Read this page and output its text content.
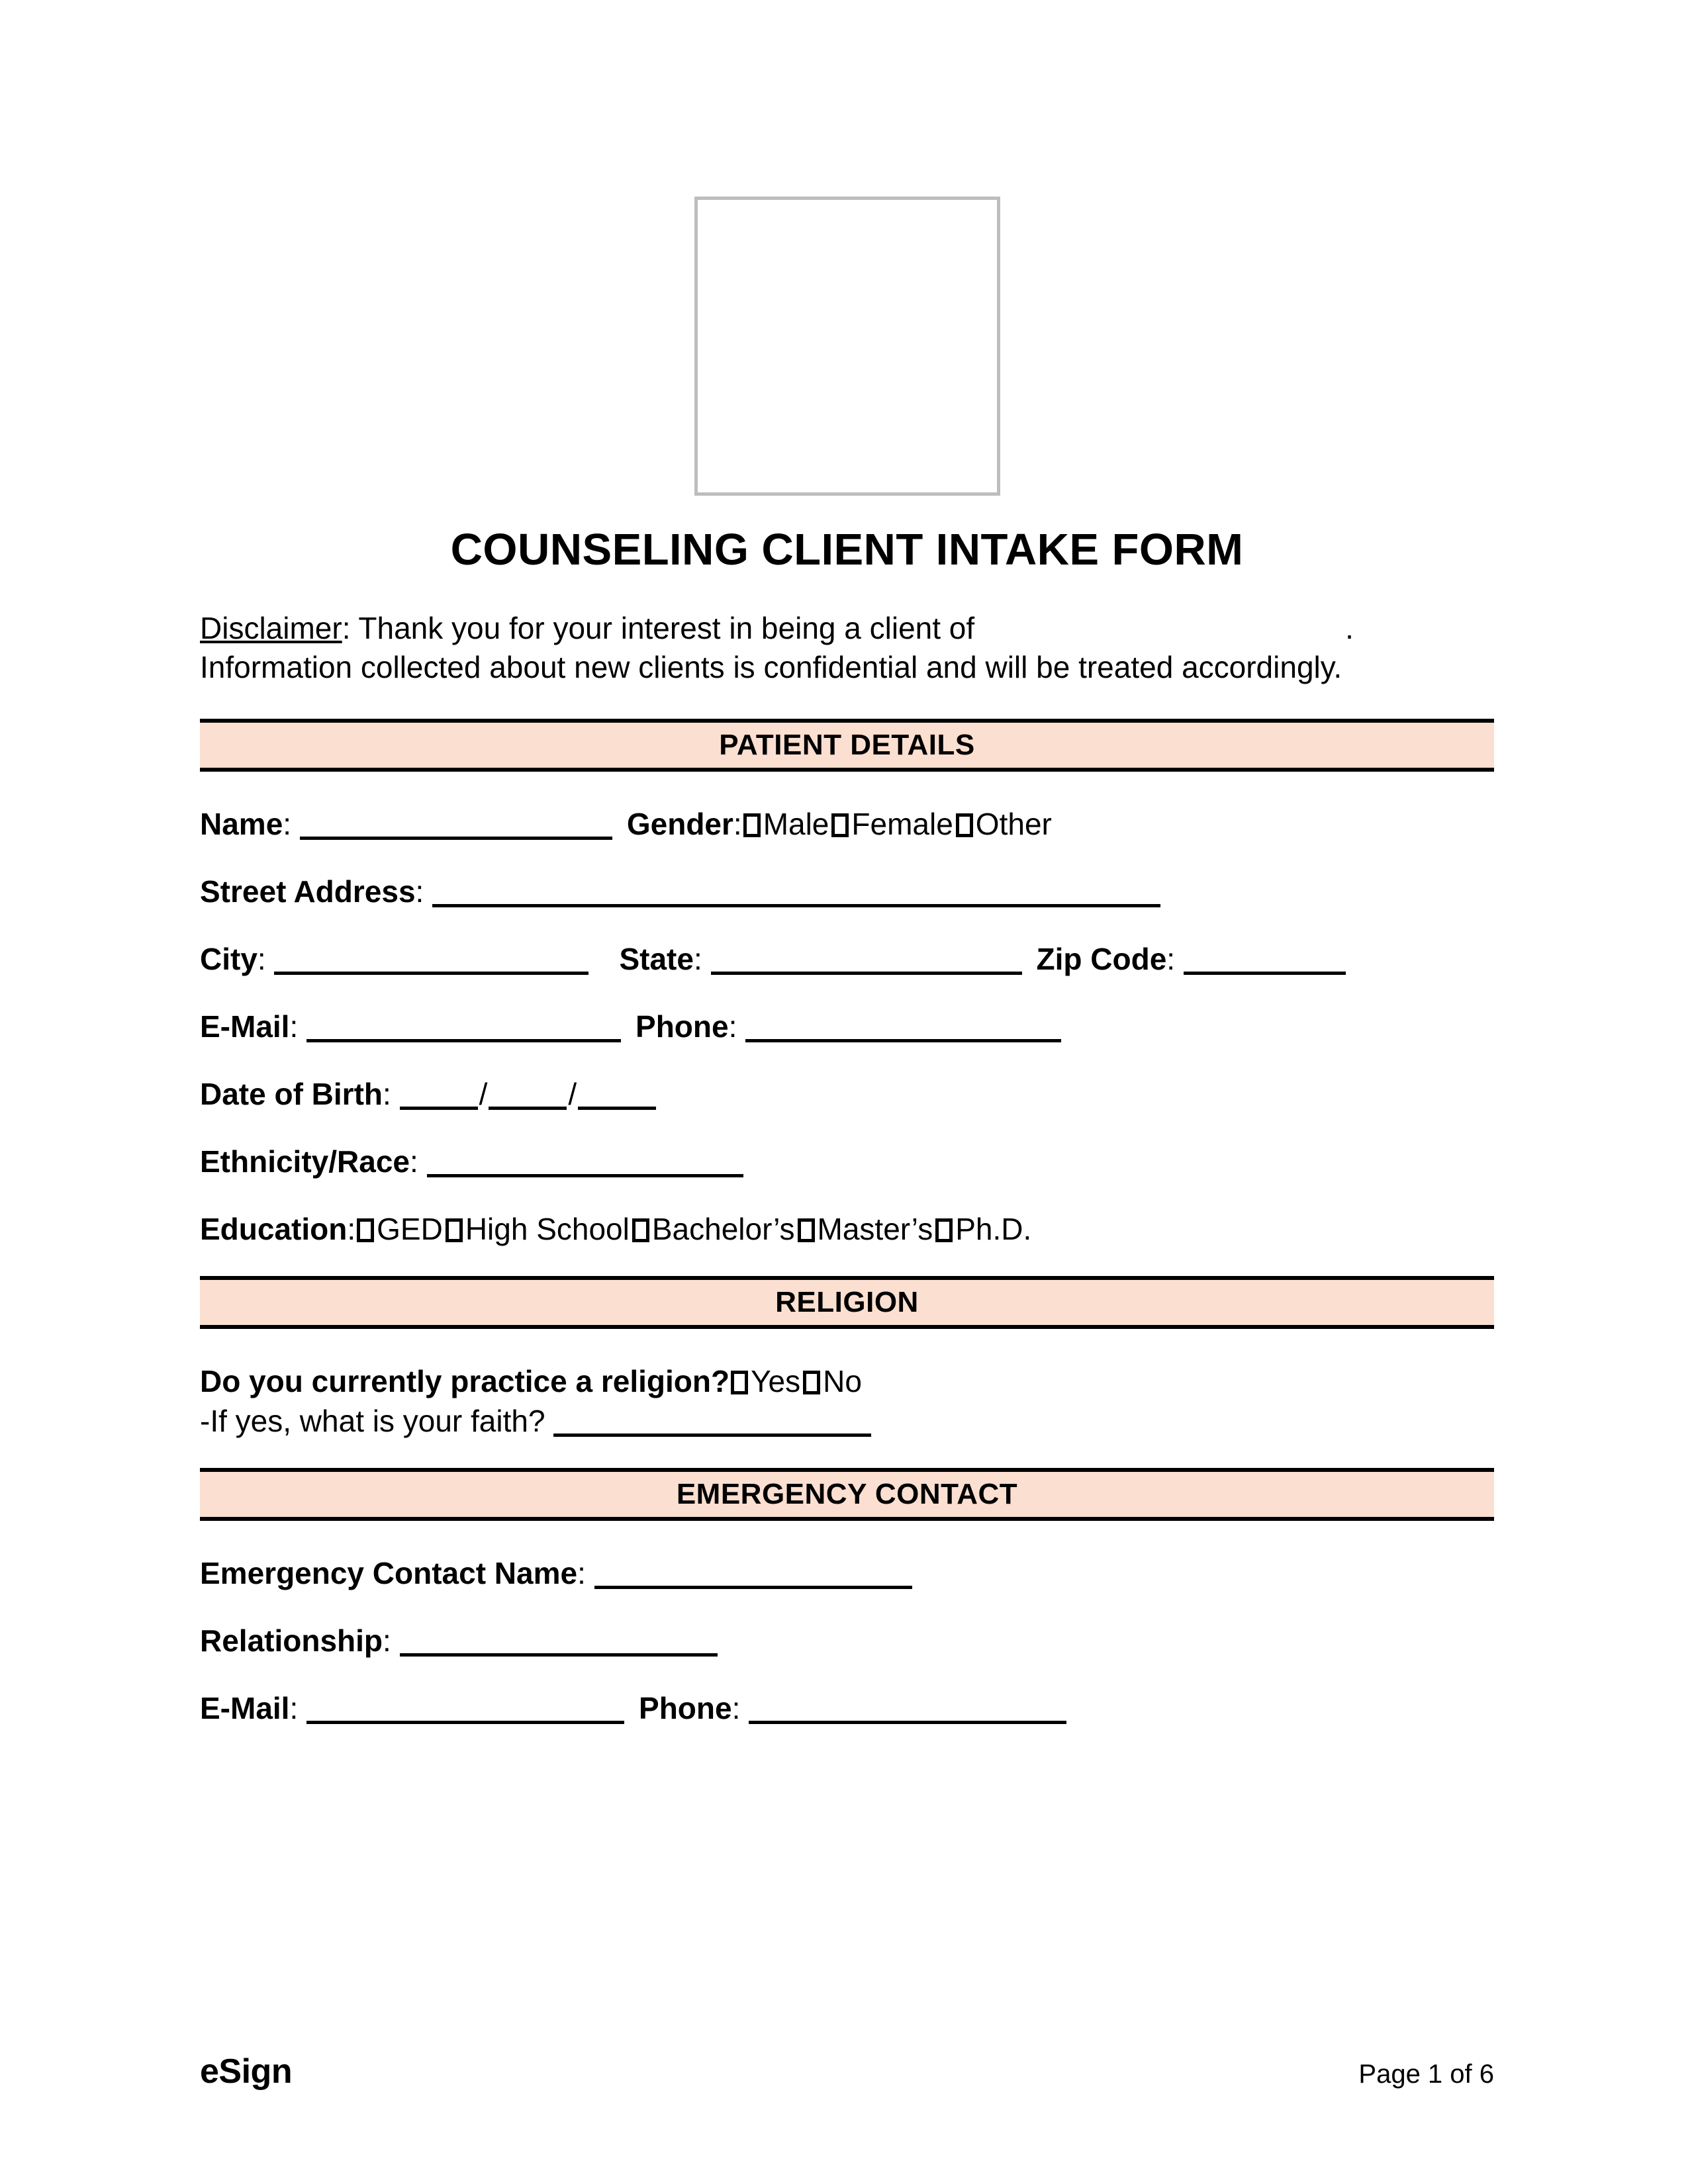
COUNSELING CLIENT INTAKE FORM
Disclaimer: Thank you for your interest in being a client of	.
Information collected about new clients is confidential and will be treated accordingly.
PATIENT DETAILS
Name:	Gender: Male Female Other
Street Address:
City:	State:	Zip Code:
E-Mail:	Phone:
Date of Birth:	/	/
Ethnicity/Race:
Education: GED High School Bachelor’s Master’s Ph.D.
RELIGION
Do you currently practice a religion? Yes No
-If yes, what is your faith?
EMERGENCY CONTACT
Emergency Contact Name:
Relationship:
E-Mail:	Phone:
eSign	Page 1 of 6
